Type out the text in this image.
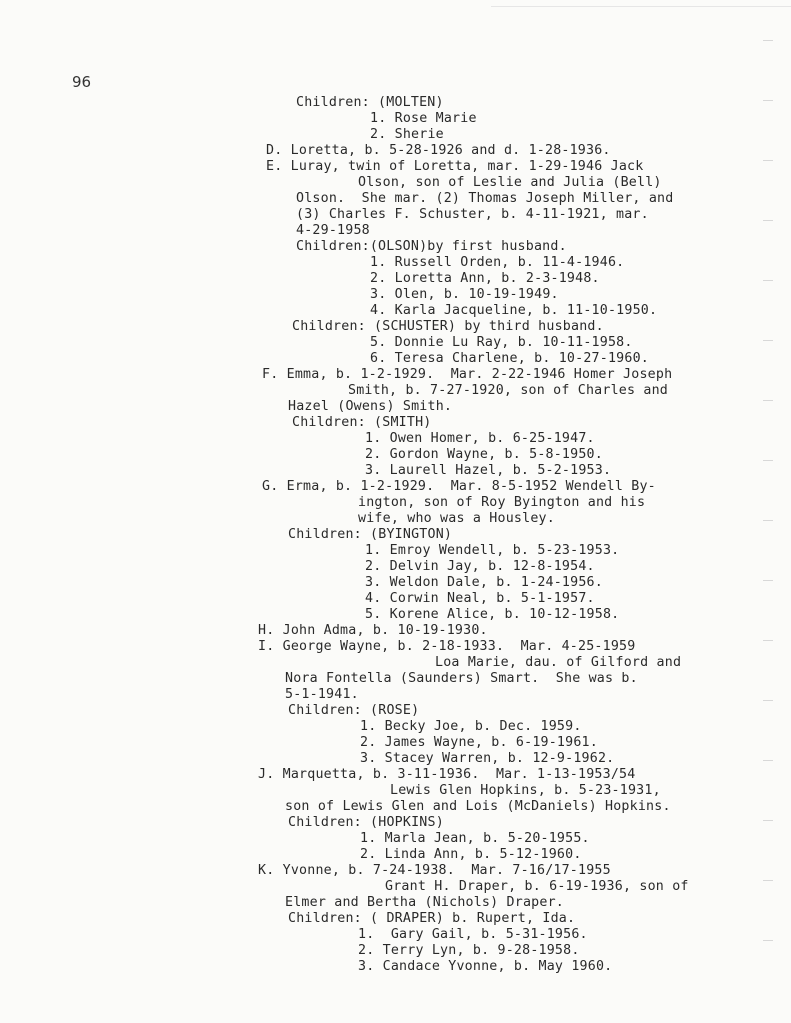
96
Children: (MOLTEN)
1. Rose Marie
2. Sherie
D. Loretta, b. 5-28-1926 and d. 1-28-1936.
E. Luray, twin of Loretta, mar. 1-29-1946 Jack
Olson, son of Leslie and Julia (Bell)
Olson.  She mar. (2) Thomas Joseph Miller, and
(3) Charles F. Schuster, b. 4-11-1921, mar.
4-29-1958
Children:(OLSON)by first husband.
1. Russell Orden, b. 11-4-1946.
2. Loretta Ann, b. 2-3-1948.
3. Olen, b. 10-19-1949.
4. Karla Jacqueline, b. 11-10-1950.
Children: (SCHUSTER) by third husband.
5. Donnie Lu Ray, b. 10-11-1958.
6. Teresa Charlene, b. 10-27-1960.
F. Emma, b. 1-2-1929.  Mar. 2-22-1946 Homer Joseph
Smith, b. 7-27-1920, son of Charles and
Hazel (Owens) Smith.
Children: (SMITH)
1. Owen Homer, b. 6-25-1947.
2. Gordon Wayne, b. 5-8-1950.
3. Laurell Hazel, b. 5-2-1953.
G. Erma, b. 1-2-1929.  Mar. 8-5-1952 Wendell By-
ington, son of Roy Byington and his
wife, who was a Housley.
Children: (BYINGTON)
1. Emroy Wendell, b. 5-23-1953.
2. Delvin Jay, b. 12-8-1954.
3. Weldon Dale, b. 1-24-1956.
4. Corwin Neal, b. 5-1-1957.
5. Korene Alice, b. 10-12-1958.
H. John Adma, b. 10-19-1930.
I. George Wayne, b. 2-18-1933.  Mar. 4-25-1959
Loa Marie, dau. of Gilford and
Nora Fontella (Saunders) Smart.  She was b.
5-1-1941.
Children: (ROSE)
1. Becky Joe, b. Dec. 1959.
2. James Wayne, b. 6-19-1961.
3. Stacey Warren, b. 12-9-1962.
J. Marquetta, b. 3-11-1936.  Mar. 1-13-1953/54
Lewis Glen Hopkins, b. 5-23-1931,
son of Lewis Glen and Lois (McDaniels) Hopkins.
Children: (HOPKINS)
1. Marla Jean, b. 5-20-1955.
2. Linda Ann, b. 5-12-1960.
K. Yvonne, b. 7-24-1938.  Mar. 7-16/17-1955
Grant H. Draper, b. 6-19-1936, son of
Elmer and Bertha (Nichols) Draper.
Children: ( DRAPER) b. Rupert, Ida.
1.  Gary Gail, b. 5-31-1956.
2. Terry Lyn, b. 9-28-1958.
3. Candace Yvonne, b. May 1960.
